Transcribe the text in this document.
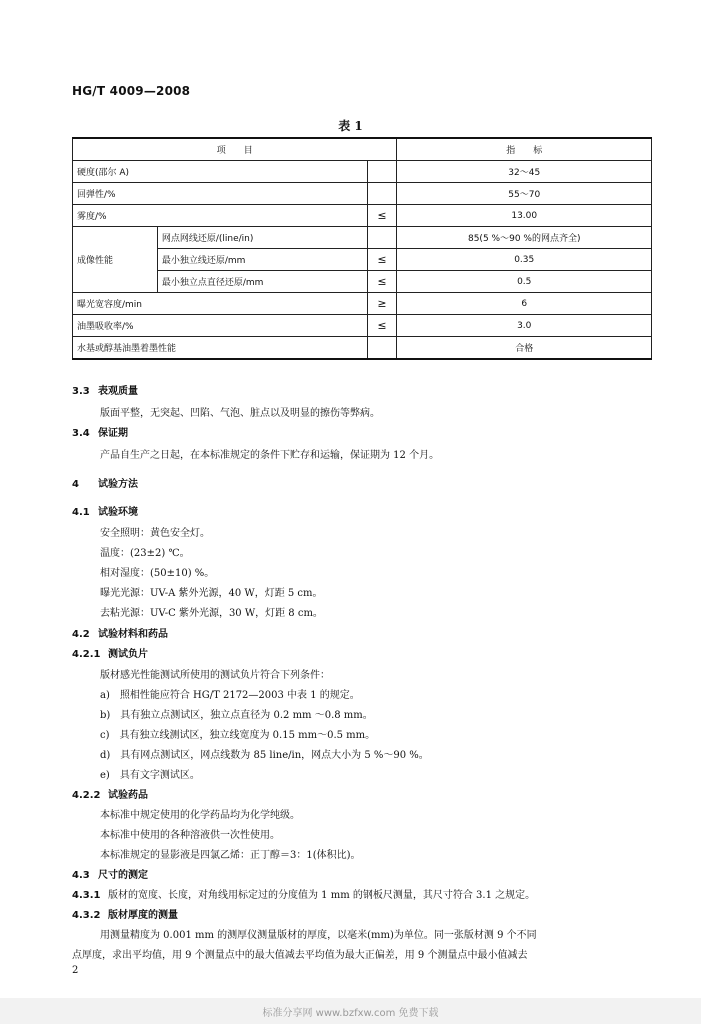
HG/T 4009—2008
表 1
项　　目			指　　标
硬度(邵尔 A)			32～45
回弹性/%			55～70
雾度/%		≤	13.00
成像性能	网点网线还原/(line/in)		85(5 %～90 %的网点齐全)
	最小独立线还原/mm	≤	0.35
	最小独立点直径还原/mm	≤	0.5
曝光宽容度/min		≥	6
油墨吸收率/%		≤	3.0
水基或醇基油墨着墨性能			合格
3.3 表观质量
版面平整，无突起、凹陷、气泡、脏点以及明显的擦伤等弊病。
3.4 保证期
产品自生产之日起，在本标准规定的条件下贮存和运输，保证期为 12 个月。
4 试验方法
4.1 试验环境
安全照明：黄色安全灯。
温度：(23±2) ℃。
相对湿度：(50±10) %。
曝光光源：UV-A 紫外光源，40 W，灯距 5 cm。
去粘光源：UV-C 紫外光源，30 W，灯距 8 cm。
4.2 试验材料和药品
4.2.1 测试负片
版材感光性能测试所使用的测试负片符合下列条件：
a)　照相性能应符合 HG/T 2172—2003 中表 1 的规定。
b)　具有独立点测试区，独立点直径为 0.2 mm ～0.8 mm。
c)　具有独立线测试区，独立线宽度为 0.15 mm～0.5 mm。
d)　具有网点测试区，网点线数为 85 line/in，网点大小为 5 %～90 %。
e)　具有文字测试区。
4.2.2 试验药品
本标准中规定使用的化学药品均为化学纯级。
本标准中使用的各种溶液供一次性使用。
本标准规定的显影液是四氯乙烯：正丁醇＝3：1(体积比)。
4.3 尺寸的测定
4.3.1 版材的宽度、长度，对角线用标定过的分度值为 1 mm 的钢板尺测量，其尺寸符合 3.1 之规定。
4.3.2 版材厚度的测量
用测量精度为 0.001 mm 的测厚仪测量版材的厚度，以毫米(mm)为单位。同一张版材测 9 个不同
点厚度，求出平均值，用 9 个测量点中的最大值减去平均值为最大正偏差，用 9 个测量点中最小值减去
2
标准分享网 www.bzfxw.com 免费下载
